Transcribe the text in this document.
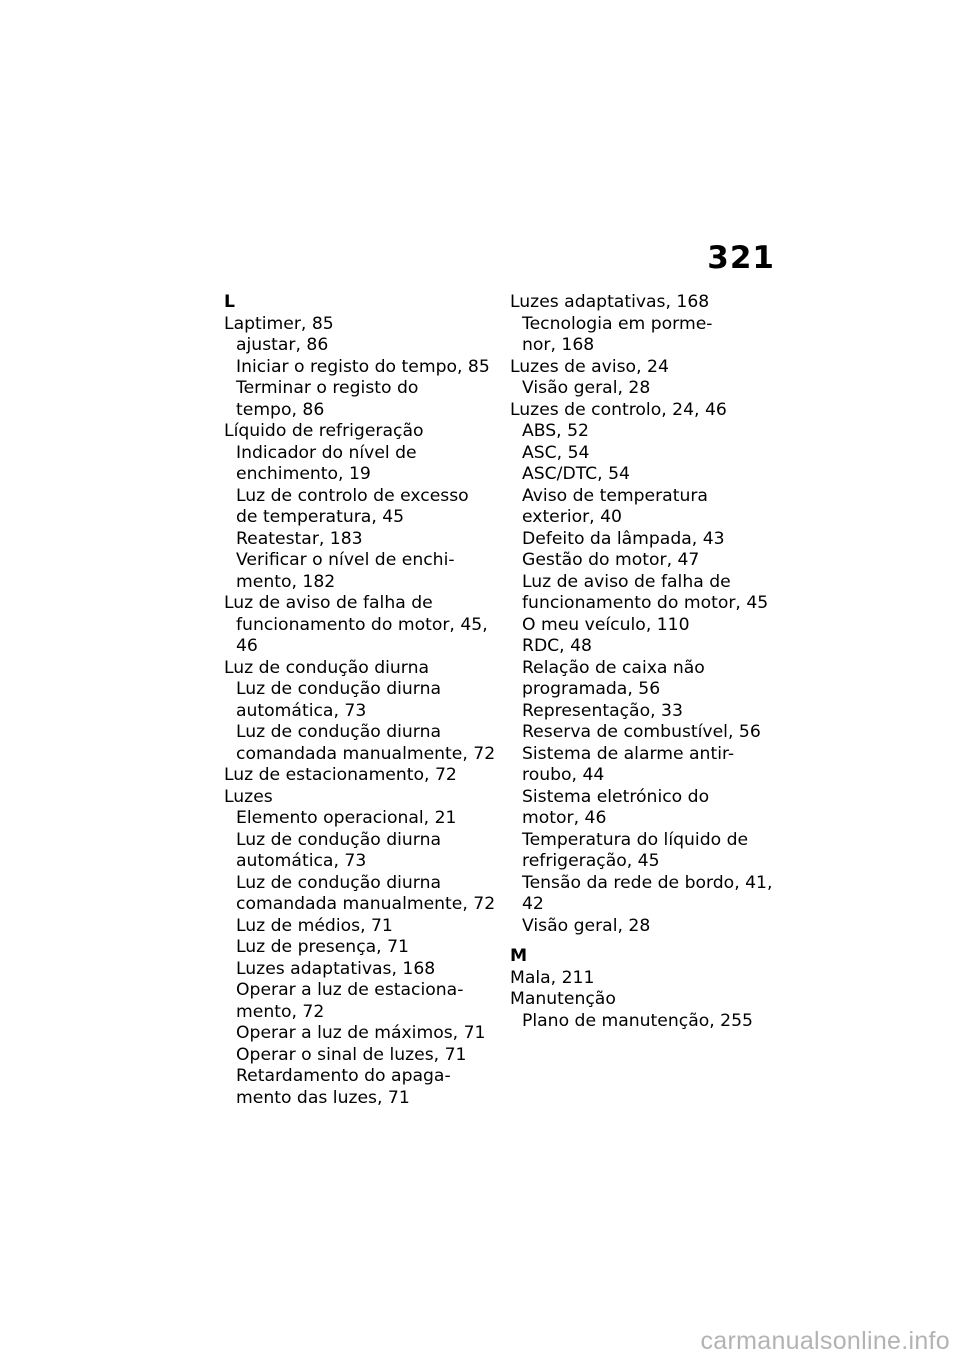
321
L
Laptimer, 85
ajustar, 86
Iniciar o registo do tempo, 85
Terminar o registo do
tempo, 86
Líquido de refrigeração
Indicador do nível de
enchimento, 19
Luz de controlo de excesso
de temperatura, 45
Reatestar, 183
Verificar o nível de enchi-
mento, 182
Luz de aviso de falha de
funcionamento do motor, 45,
46
Luz de condução diurna
Luz de condução diurna
automática, 73
Luz de condução diurna
comandada manualmente, 72
Luz de estacionamento, 72
Luzes
Elemento operacional, 21
Luz de condução diurna
automática, 73
Luz de condução diurna
comandada manualmente, 72
Luz de médios, 71
Luz de presença, 71
Luzes adaptativas, 168
Operar a luz de estaciona-
mento, 72
Operar a luz de máximos, 71
Operar o sinal de luzes, 71
Retardamento do apaga-
mento das luzes, 71
Luzes adaptativas, 168
Tecnologia em porme-
nor, 168
Luzes de aviso, 24
Visão geral, 28
Luzes de controlo, 24, 46
ABS, 52
ASC, 54
ASC/DTC, 54
Aviso de temperatura
exterior, 40
Defeito da lâmpada, 43
Gestão do motor, 47
Luz de aviso de falha de
funcionamento do motor, 45
O meu veículo, 110
RDC, 48
Relação de caixa não
programada, 56
Representação, 33
Reserva de combustível, 56
Sistema de alarme antir-
roubo, 44
Sistema eletrónico do
motor, 46
Temperatura do líquido de
refrigeração, 45
Tensão da rede de bordo, 41,
42
Visão geral, 28
M
Mala, 211
Manutenção
Plano de manutenção, 255
carmanualsonline.info
